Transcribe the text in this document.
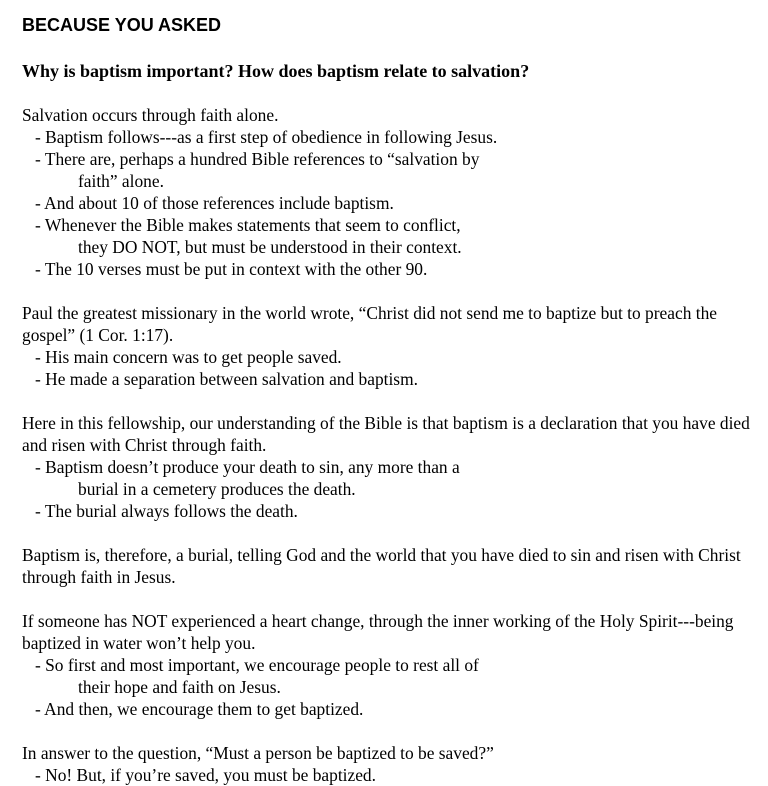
BECAUSE YOU ASKED

Why is baptism important? How does baptism relate to salvation?

Salvation occurs through faith alone.

- Baptism follows---as a first step of obedience in following Jesus.

- There are, perhaps a hundred Bible references to “salvation by
faith” alone.

- And about 10 of those references include baptism.

- Whenever the Bible makes statements that seem to conflict,
they DO NOT, but must be understood in their context.

- The 10 verses must be put in context with the other 90.

Paul the greatest missionary in the world wrote, “Christ did not send me to baptize but to preach the gospel” (1 Cor. 1:17).

- His main concern was to get people saved.

- He made a separation between salvation and baptism.

Here in this fellowship, our understanding of the Bible is that baptism is a declaration that you have died and risen with Christ through faith.

- Baptism doesn’t produce your death to sin, any more than a
burial in a cemetery produces the death.

- The burial always follows the death.

Baptism is, therefore, a burial, telling God and the world that you have died to sin and risen with Christ through faith in Jesus.

If someone has NOT experienced a heart change, through the inner working of the Holy Spirit---being baptized in water won’t help you.

- So first and most important, we encourage people to rest all of
their hope and faith on Jesus.

- And then, we encourage them to get baptized.

In answer to the question, “Must a person be baptized to be saved?”

- No! But, if you’re saved, you must be baptized.
